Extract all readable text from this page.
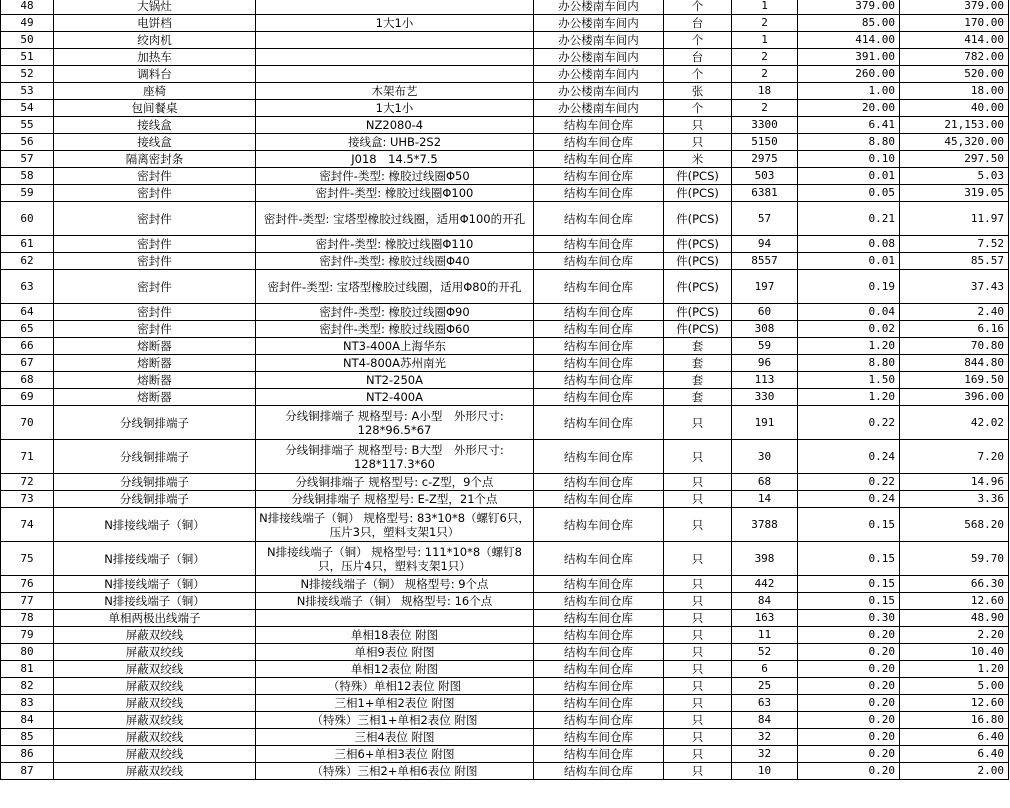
48	大锅灶		办公楼南车间内	个	1	379.00	379.00
49	电饼档	1大1小	办公楼南车间内	台	2	85.00	170.00
50	绞肉机		办公楼南车间内	个	1	414.00	414.00
51	加热车		办公楼南车间内	台	2	391.00	782.00
52	调料台		办公楼南车间内	个	2	260.00	520.00
53	座椅	木架布艺	办公楼南车间内	张	18	1.00	18.00
54	包间餐桌	1大1小	办公楼南车间内	个	2	20.00	40.00
55	接线盒	NZ2080-4	结构车间仓库	只	3300	6.41	21,153.00
56	接线盒	接线盒: UHB-2S2	结构车间仓库	只	5150	8.80	45,320.00
57	隔离密封条	J018　14.5*7.5	结构车间仓库	米	2975	0.10	297.50
58	密封件	密封件-类型: 橡胶过线圈Φ50	结构车间仓库	件(PCS)	503	0.01	5.03
59	密封件	密封件-类型: 橡胶过线圈Φ100	结构车间仓库	件(PCS)	6381	0.05	319.05
60	密封件	密封件-类型: 宝塔型橡胶过线圈，适用Φ100的开孔	结构车间仓库	件(PCS)	57	0.21	11.97
61	密封件	密封件-类型: 橡胶过线圈Φ110	结构车间仓库	件(PCS)	94	0.08	7.52
62	密封件	密封件-类型: 橡胶过线圈Φ40	结构车间仓库	件(PCS)	8557	0.01	85.57
63	密封件	密封件-类型: 宝塔型橡胶过线圈，适用Φ80的开孔	结构车间仓库	件(PCS)	197	0.19	37.43
64	密封件	密封件-类型: 橡胶过线圈Φ90	结构车间仓库	件(PCS)	60	0.04	2.40
65	密封件	密封件-类型: 橡胶过线圈Φ60	结构车间仓库	件(PCS)	308	0.02	6.16
66	熔断器	NT3-400A上海华东	结构车间仓库	套	59	1.20	70.80
67	熔断器	NT4-800A苏州南光	结构车间仓库	套	96	8.80	844.80
68	熔断器	NT2-250A	结构车间仓库	套	113	1.50	169.50
69	熔断器	NT2-400A	结构车间仓库	套	330	1.20	396.00
70	分线铜排端子	分线铜排端子 规格型号: A小型　外形尺寸: 128*96.5*67	结构车间仓库	只	191	0.22	42.02
71	分线铜排端子	分线铜排端子 规格型号: B大型　外形尺寸: 128*117.3*60	结构车间仓库	只	30	0.24	7.20
72	分线铜排端子	分线铜排端子 规格型号: c-Z型，9个点	结构车间仓库	只	68	0.22	14.96
73	分线铜排端子	分线铜排端子 规格型号: E-Z型，21个点	结构车间仓库	只	14	0.24	3.36
74	N排接线端子（铜）	N排接线端子（铜） 规格型号: 83*10*8（螺钉6只，压片3只，塑料支架1只）	结构车间仓库	只	3788	0.15	568.20
75	N排接线端子（铜）	N排接线端子（铜） 规格型号: 111*10*8（螺钉8只，压片4只，塑料支架1只）	结构车间仓库	只	398	0.15	59.70
76	N排接线端子（铜）	N排接线端子（铜） 规格型号: 9个点	结构车间仓库	只	442	0.15	66.30
77	N排接线端子（铜）	N排接线端子（铜） 规格型号: 16个点	结构车间仓库	只	84	0.15	12.60
78	单相两极出线端子		结构车间仓库	只	163	0.30	48.90
79	屏蔽双绞线	单相18表位 附图	结构车间仓库	只	11	0.20	2.20
80	屏蔽双绞线	单相9表位 附图	结构车间仓库	只	52	0.20	10.40
81	屏蔽双绞线	单相12表位 附图	结构车间仓库	只	6	0.20	1.20
82	屏蔽双绞线	（特殊）单相12表位 附图	结构车间仓库	只	25	0.20	5.00
83	屏蔽双绞线	三相1+单相2表位 附图	结构车间仓库	只	63	0.20	12.60
84	屏蔽双绞线	（特殊）三相1+单相2表位 附图	结构车间仓库	只	84	0.20	16.80
85	屏蔽双绞线	三相4表位 附图	结构车间仓库	只	32	0.20	6.40
86	屏蔽双绞线	三相6+单相3表位 附图	结构车间仓库	只	32	0.20	6.40
87	屏蔽双绞线	（特殊）三相2+单相6表位 附图	结构车间仓库	只	10	0.20	2.00
